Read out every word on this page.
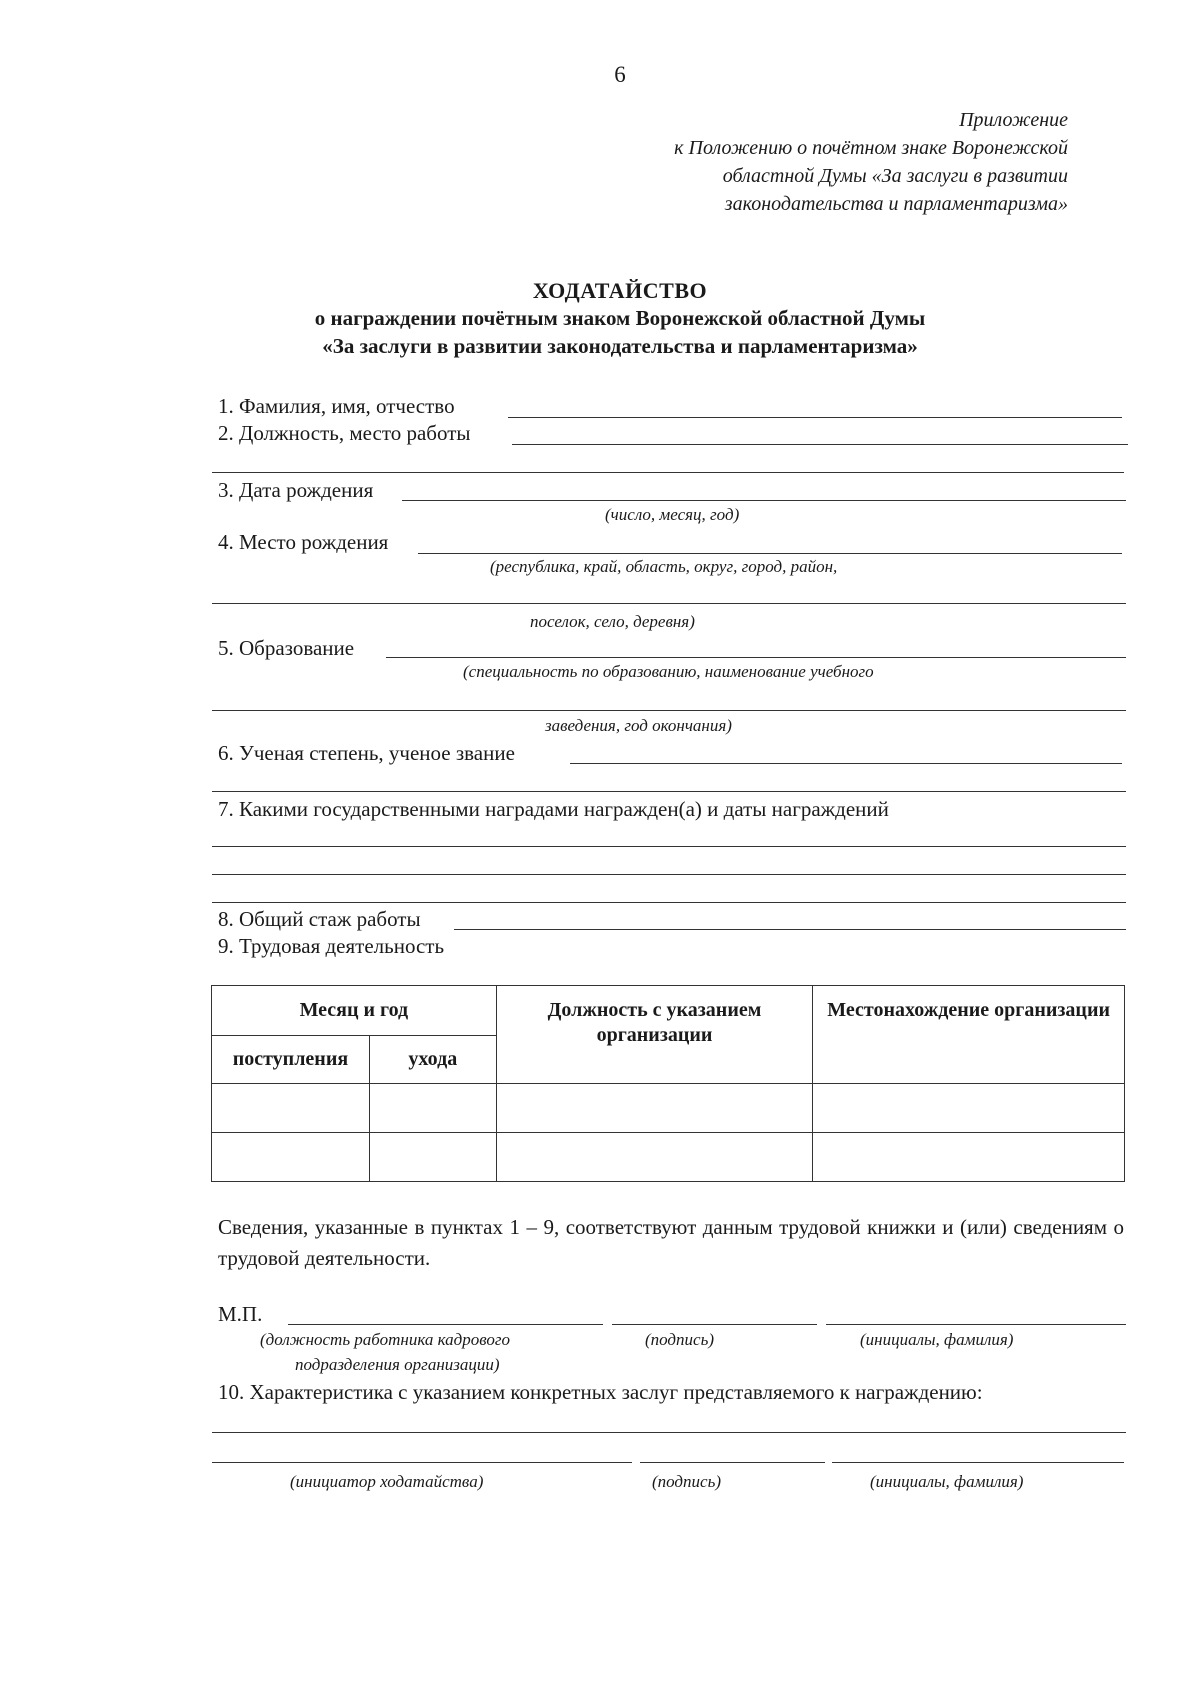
6
Приложение
к Положению о почётном знаке Воронежской
областной Думы «За заслуги в развитии
законодательства и парламентаризма»
ХОДАТАЙСТВО
о награждении почётным знаком Воронежской областной Думы
«За заслуги в развитии законодательства и парламентаризма»
1. Фамилия, имя, отчество
2. Должность, место работы
3. Дата рождения
(число, месяц, год)
4. Место рождения
(республика, край, область, округ, город, район,
поселок, село, деревня)
5. Образование
(специальность по образованию, наименование учебного
заведения, год окончания)
6. Ученая степень, ученое звание
7. Какими государственными наградами награжден(а) и даты награждений
8. Общий стаж работы
9. Трудовая деятельность
Месяц и год		Должность с указанием организации	Местонахождение организации
поступления	ухода		

Сведения, указанные в пунктах 1 – 9, соответствуют данным трудовой книжки и (или) сведениям о трудовой деятельности.
М.П.
(должность работника кадрового
подразделения организации)
(подпись)	(инициалы, фамилия)
10. Характеристика с указанием конкретных заслуг представляемого к награждению:
(инициатор ходатайства)	(подпись)	(инициалы, фамилия)
